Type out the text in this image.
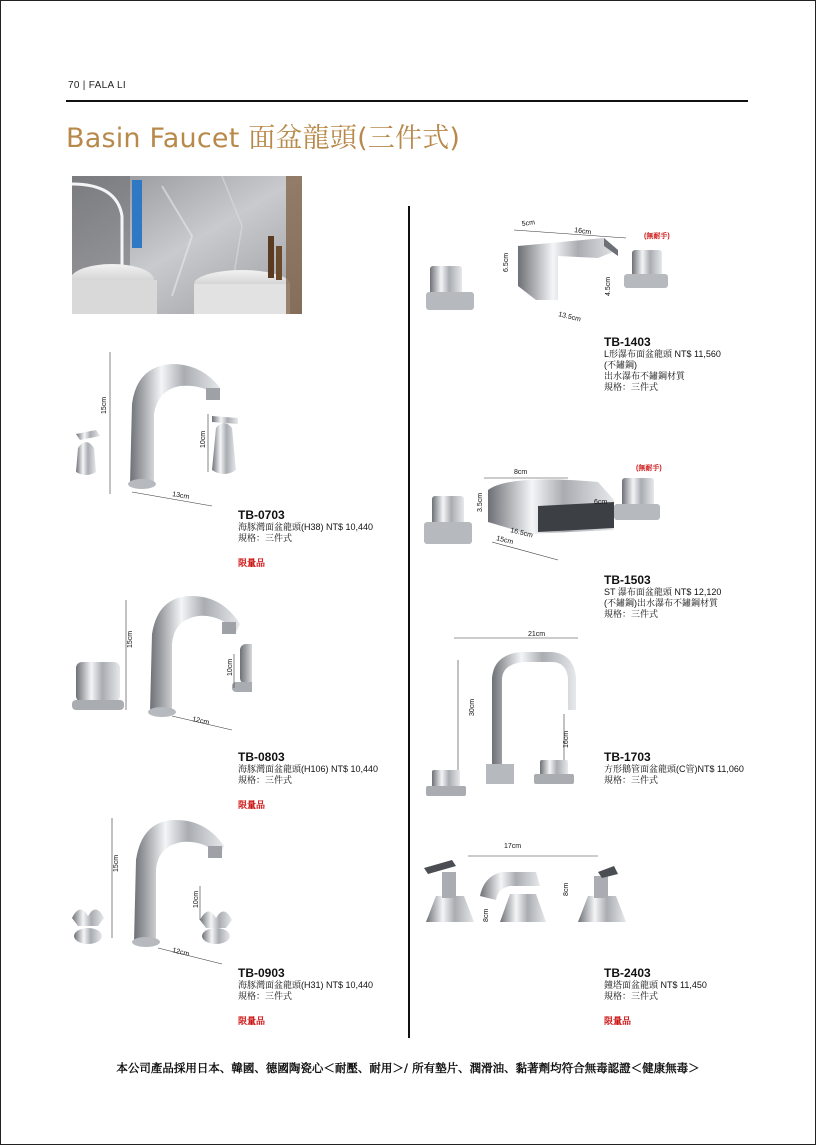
70 | FALA LI
Basin Faucet 面盆龍頭(三件式)
15cm
10cm
13cm
TB-0703
海豚灣面盆龍頭(H38) NT$ 10,440
規格：三件式
限量品
15cm
10cm
12cm
TB-0803
海豚灣面盆龍頭(H106) NT$ 10,440
規格：三件式
限量品
15cm
10cm
12cm
TB-0903
海豚灣面盆龍頭(H31) NT$ 10,440
規格：三件式
限量品
(無耐手)
5cm
16cm
6.5cm
4.5cm
13.5cm
TB-1403
L形瀑布面盆龍頭 NT$ 11,560
(不鏽鋼)
出水瀑布不鏽鋼材質
規格：三件式
(無耐手)
8cm
3.5cm	6cm
16.5cm
15cm
TB-1503
ST 瀑布面盆龍頭 NT$ 12,120
(不鏽鋼)出水瀑布不鏽鋼材質
規格：三件式
21cm
30cm
16cm
TB-1703
方形鵝管面盆龍頭(C管)NT$ 11,060
規格：三件式
17cm
8cm
8cm
TB-2403
鐘塔面盆龍頭 NT$ 11,450
規格：三件式
限量品
本公司產品採用日本、韓國、德國陶瓷心＜耐壓、耐用＞/ 所有墊片、潤滑油、黏著劑均符合無毒認證＜健康無毒＞
